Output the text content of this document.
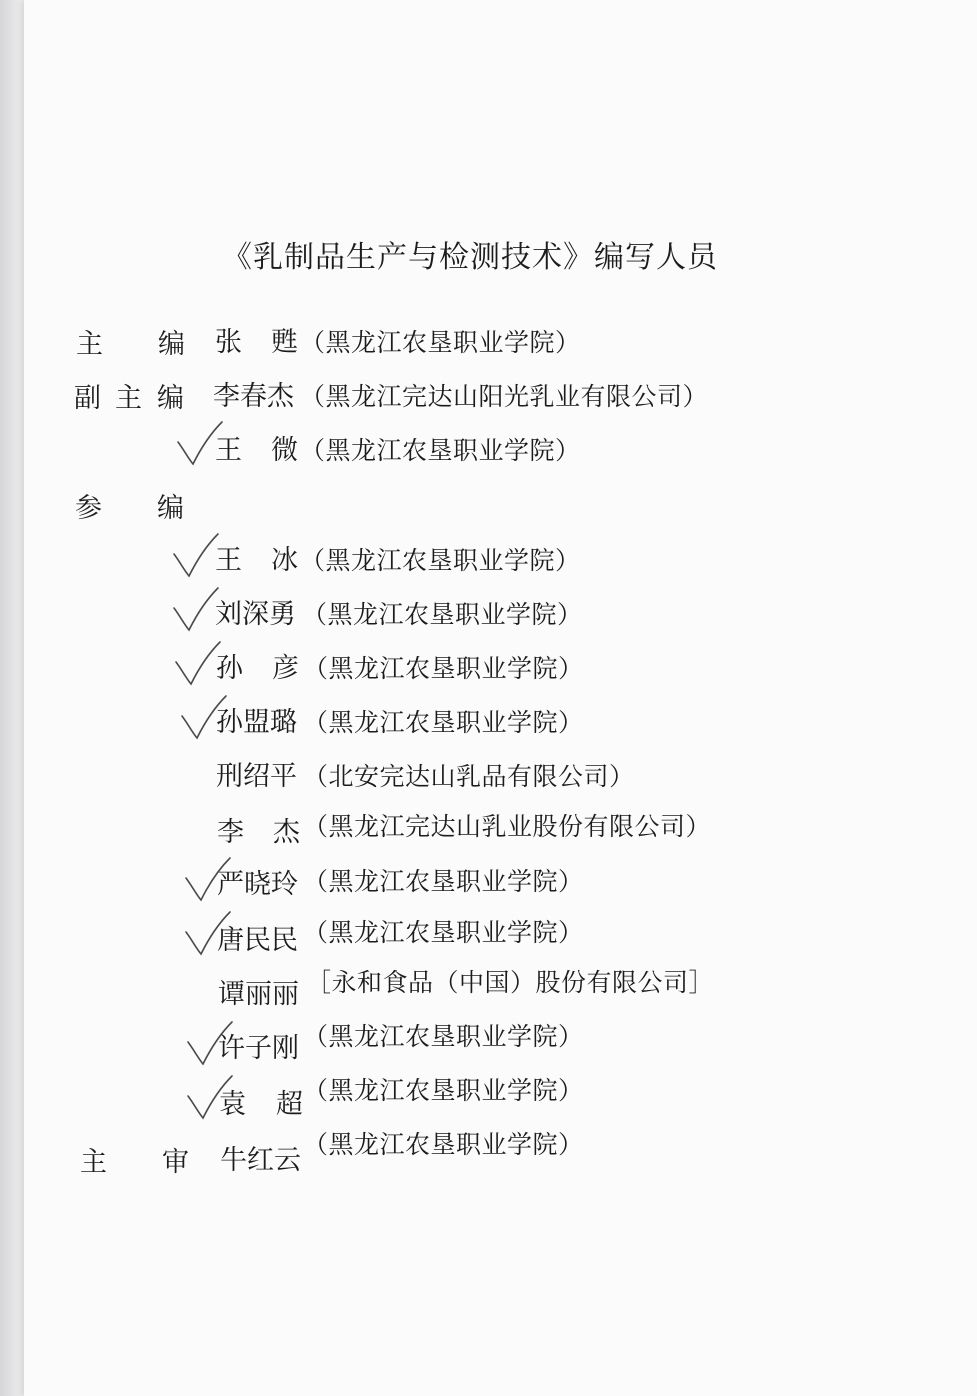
《乳制品生产与检测技术》编写人员
主 编
副 主 编
参 编
主 审
张 甦 （黑龙江农垦职业学院）
李春杰 （黑龙江完达山阳光乳业有限公司）
王 微 （黑龙江农垦职业学院）
王 冰 （黑龙江农垦职业学院）
刘深勇 （黑龙江农垦职业学院）
孙 彦 （黑龙江农垦职业学院）
孙盟璐 （黑龙江农垦职业学院）
刑绍平 （北安完达山乳品有限公司）
李 杰 （黑龙江完达山乳业股份有限公司）
严晓玲 （黑龙江农垦职业学院）
唐民民 （黑龙江农垦职业学院）
谭丽丽 ［永和食品（中国）股份有限公司］
许子刚 （黑龙江农垦职业学院）
袁 超 （黑龙江农垦职业学院）
牛红云
（黑龙江农垦职业学院）
